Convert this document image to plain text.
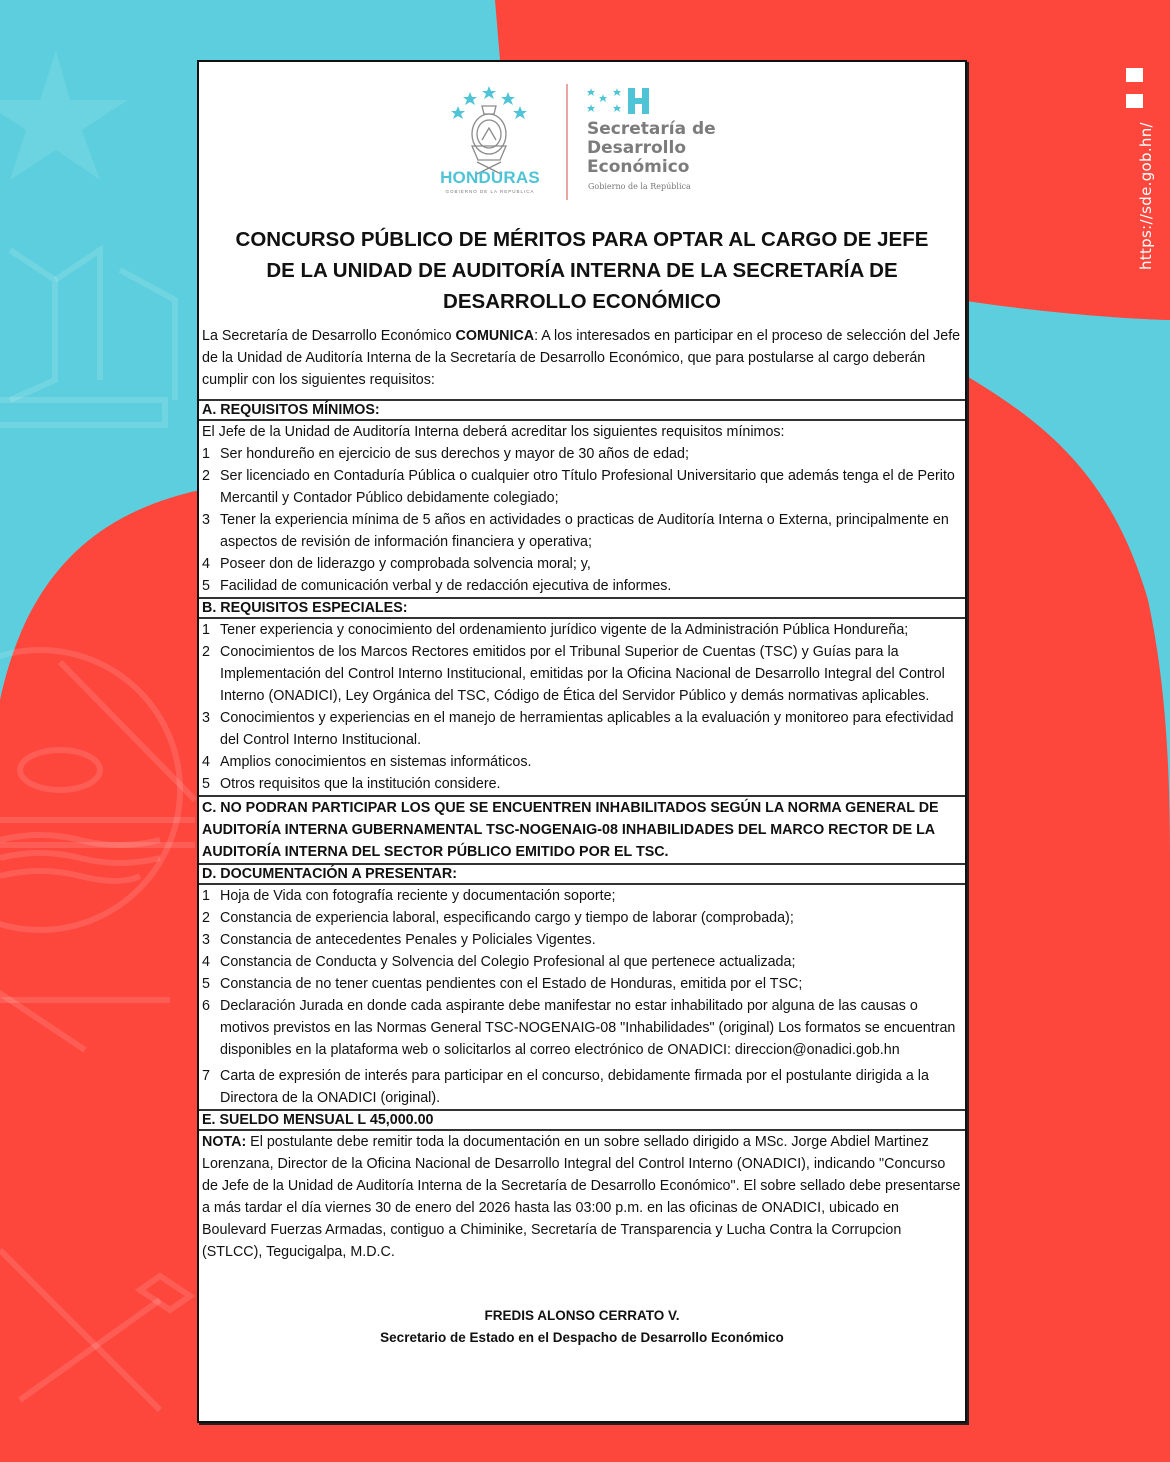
https://sde.gob.hn/
HONDURAS
GOBIERNO DE LA REPÚBLICA
Secretaría de
Desarrollo
Económico
Gobierno de la República
CONCURSO PÚBLICO DE MÉRITOS PARA OPTAR AL CARGO DE JEFE DE LA UNIDAD DE AUDITORÍA INTERNA DE LA SECRETARÍA DE DESARROLLO ECONÓMICO

La Secretaría de Desarrollo Económico COMUNICA: A los interesados en participar en el proceso de selección del Jefe de la Unidad de Auditoría Interna de la Secretaría de Desarrollo Económico, que para postularse al cargo deberán cumplir con los siguientes requisitos:

A. REQUISITOS MÍNIMOS:
El Jefe de la Unidad de Auditoría Interna deberá acreditar los siguientes requisitos mínimos:
1 Ser hondureño en ejercicio de sus derechos y mayor de 30 años de edad;
2 Ser licenciado en Contaduría Pública o cualquier otro Título Profesional Universitario que además tenga el de Perito Mercantil y Contador Público debidamente colegiado;
3 Tener la experiencia mínima de 5 años en actividades o practicas de Auditoría Interna o Externa, principalmente en aspectos de revisión de información financiera y operativa;
4 Poseer don de liderazgo y comprobada solvencia moral; y,
5 Facilidad de comunicación verbal y de redacción ejecutiva de informes.
B. REQUISITOS ESPECIALES:
1 Tener experiencia y conocimiento del ordenamiento jurídico vigente de la Administración Pública Hondureña;
2 Conocimientos de los Marcos Rectores emitidos por el Tribunal Superior de Cuentas (TSC) y Guías para la Implementación del Control Interno Institucional, emitidas por la Oficina Nacional de Desarrollo Integral del Control Interno (ONADICI), Ley Orgánica del TSC, Código de Ética del Servidor Público y demás normativas aplicables.
3 Conocimientos y experiencias en el manejo de herramientas aplicables a la evaluación y monitoreo para efectividad del Control Interno Institucional.
4 Amplios conocimientos en sistemas informáticos.
5 Otros requisitos que la institución considere.
C. NO PODRAN PARTICIPAR LOS QUE SE ENCUENTREN INHABILITADOS SEGÚN LA NORMA GENERAL DE AUDITORÍA INTERNA GUBERNAMENTAL TSC-NOGENAIG-08 INHABILIDADES DEL MARCO RECTOR DE LA AUDITORÍA INTERNA DEL SECTOR PÚBLICO EMITIDO POR EL TSC.
D. DOCUMENTACIÓN A PRESENTAR:
1 Hoja de Vida con fotografía reciente y documentación soporte;
2 Constancia de experiencia laboral, especificando cargo y tiempo de laborar (comprobada);
3 Constancia de antecedentes Penales y Policiales Vigentes.
4 Constancia de Conducta y Solvencia del Colegio Profesional al que pertenece actualizada;
5 Constancia de no tener cuentas pendientes con el Estado de Honduras, emitida por el TSC;
6 Declaración Jurada en donde cada aspirante debe manifestar no estar inhabilitado por alguna de las causas o motivos previstos en las Normas General TSC-NOGENAIG-08 "Inhabilidades" (original) Los formatos se encuentran disponibles en la plataforma web o solicitarlos al correo electrónico de ONADICI: direccion@onadici.gob.hn
7 Carta de expresión de interés para participar en el concurso, debidamente firmada por el postulante dirigida a la Directora de la ONADICI (original).
E. SUELDO MENSUAL L 45,000.00
NOTA: El postulante debe remitir toda la documentación en un sobre sellado dirigido a MSc. Jorge Abdiel Martinez Lorenzana, Director de la Oficina Nacional de Desarrollo Integral del Control Interno (ONADICI), indicando "Concurso de Jefe de la Unidad de Auditoría Interna de la Secretaría de Desarrollo Económico". El sobre sellado debe presentarse a más tardar el día viernes 30 de enero del 2026 hasta las 03:00 p.m. en las oficinas de ONADICI, ubicado en Boulevard Fuerzas Armadas, contiguo a Chiminike, Secretaría de Transparencia y Lucha Contra la Corrupcion (STLCC), Tegucigalpa, M.D.C.
FREDIS ALONSO CERRATO V.
Secretario de Estado en el Despacho de Desarrollo Económico
